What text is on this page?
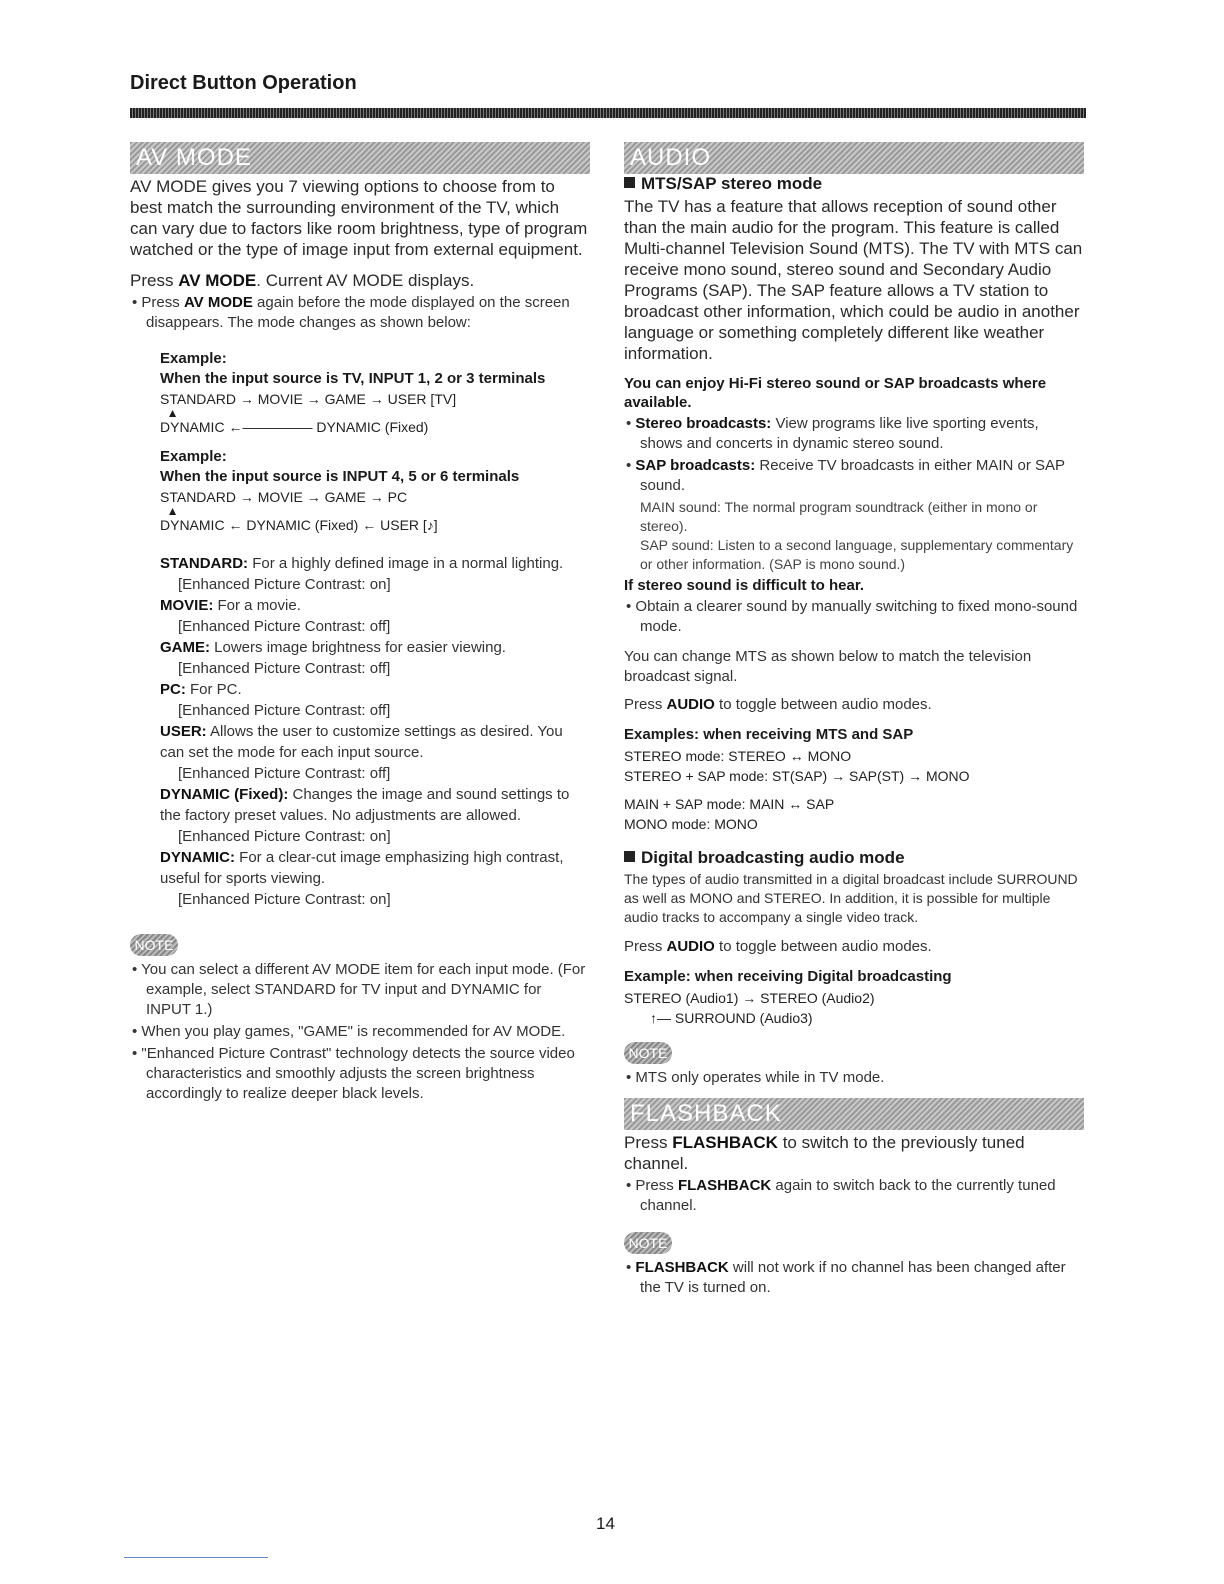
Direct Button Operation
AV MODE

AV MODE gives you 7 viewing options to choose from to best match the surrounding environment of the TV, which can vary due to factors like room brightness, type of program watched or the type of image input from external equipment.

Press AV MODE. Current AV MODE displays.

• Press AV MODE again before the mode displayed on the screen disappears. The mode changes as shown below:

Example:
When the input source is TV, INPUT 1, 2 or 3 terminals
STANDARD → MOVIE → GAME → USER [TV]
▲
DYNAMIC ←————— DYNAMIC (Fixed)
Example:
When the input source is INPUT 4, 5 or 6 terminals
STANDARD → MOVIE → GAME → PC
▲
DYNAMIC ← DYNAMIC (Fixed) ← USER [♪]
STANDARD: For a highly defined image in a normal lighting.
[Enhanced Picture Contrast: on]
MOVIE: For a movie.
[Enhanced Picture Contrast: off]
GAME: Lowers image brightness for easier viewing.
[Enhanced Picture Contrast: off]
PC: For PC.
[Enhanced Picture Contrast: off]
USER: Allows the user to customize settings as desired. You can set the mode for each input source.
[Enhanced Picture Contrast: off]
DYNAMIC (Fixed): Changes the image and sound settings to the factory preset values. No adjustments are allowed.
[Enhanced Picture Contrast: on]
DYNAMIC: For a clear-cut image emphasizing high contrast, useful for sports viewing.
[Enhanced Picture Contrast: on]
NOTE

• You can select a different AV MODE item for each input mode. (For example, select STANDARD for TV input and DYNAMIC for INPUT 1.)

• When you play games, "GAME" is recommended for AV MODE.

• "Enhanced Picture Contrast" technology detects the source video characteristics and smoothly adjusts the screen brightness accordingly to realize deeper black levels.

AUDIO
MTS/SAP stereo mode

The TV has a feature that allows reception of sound other than the main audio for the program. This feature is called Multi-channel Television Sound (MTS). The TV with MTS can receive mono sound, stereo sound and Secondary Audio Programs (SAP). The SAP feature allows a TV station to broadcast other information, which could be audio in another language or something completely different like weather information.

You can enjoy Hi-Fi stereo sound or SAP broadcasts where available.

• Stereo broadcasts: View programs like live sporting events, shows and concerts in dynamic stereo sound.

• SAP broadcasts: Receive TV broadcasts in either MAIN or SAP sound.

MAIN sound: The normal program soundtrack (either in mono or stereo).

SAP sound: Listen to a second language, supplementary commentary or other information. (SAP is mono sound.)

If stereo sound is difficult to hear.

• Obtain a clearer sound by manually switching to fixed mono-sound mode.

You can change MTS as shown below to match the television broadcast signal.

Press AUDIO to toggle between audio modes.

Examples: when receiving MTS and SAP
STEREO mode: STEREO ↔ MONO
STEREO + SAP mode: ST(SAP) → SAP(ST) → MONO
MAIN + SAP mode: MAIN ↔ SAP
MONO mode: MONO
Digital broadcasting audio mode

The types of audio transmitted in a digital broadcast include SURROUND as well as MONO and STEREO. In addition, it is possible for multiple audio tracks to accompany a single video track.

Press AUDIO to toggle between audio modes.

Example: when receiving Digital broadcasting
STEREO (Audio1) → STEREO (Audio2)
↑— SURROUND (Audio3)
NOTE

• MTS only operates while in TV mode.

FLASHBACK

Press FLASHBACK to switch to the previously tuned channel.

• Press FLASHBACK again to switch back to the currently tuned channel.

NOTE

• FLASHBACK will not work if no channel has been changed after the TV is turned on.

14
